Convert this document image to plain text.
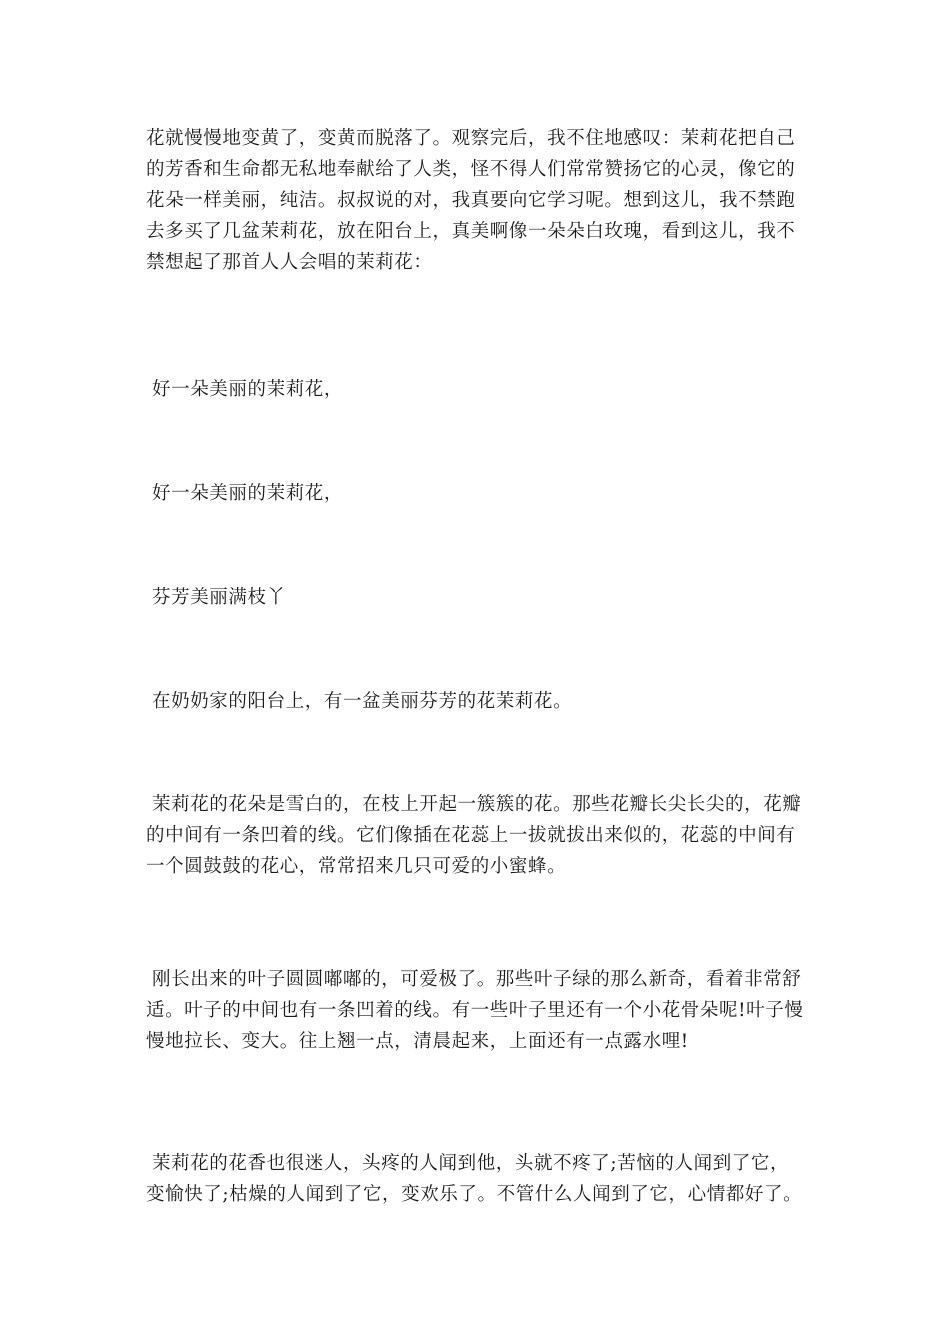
花就慢慢地变黄了，变黄而脱落了。观察完后，我不住地感叹：茉莉花把自己
的芳香和生命都无私地奉献给了人类，怪不得人们常常赞扬它的心灵，像它的
花朵一样美丽，纯洁。叔叔说的对，我真要向它学习呢。想到这儿，我不禁跑
去多买了几盆茉莉花，放在阳台上，真美啊像一朵朵白玫瑰，看到这儿，我不
禁想起了那首人人会唱的茉莉花：
好一朵美丽的茉莉花，
好一朵美丽的茉莉花，
芬芳美丽满枝丫
在奶奶家的阳台上，有一盆美丽芬芳的花茉莉花。
茉莉花的花朵是雪白的，在枝上开起一簇簇的花。那些花瓣长尖长尖的，花瓣
的中间有一条凹着的线。它们像插在花蕊上一拔就拔出来似的，花蕊的中间有
一个圆鼓鼓的花心，常常招来几只可爱的小蜜蜂。
刚长出来的叶子圆圆嘟嘟的，可爱极了。那些叶子绿的那么新奇，看着非常舒
适。叶子的中间也有一条凹着的线。有一些叶子里还有一个小花骨朵呢!叶子慢
慢地拉长、变大。往上翘一点，清晨起来，上面还有一点露水哩!
茉莉花的花香也很迷人，头疼的人闻到他，头就不疼了;苦恼的人闻到了它，
变愉快了;枯燥的人闻到了它，变欢乐了。不管什么人闻到了它，心情都好了。
